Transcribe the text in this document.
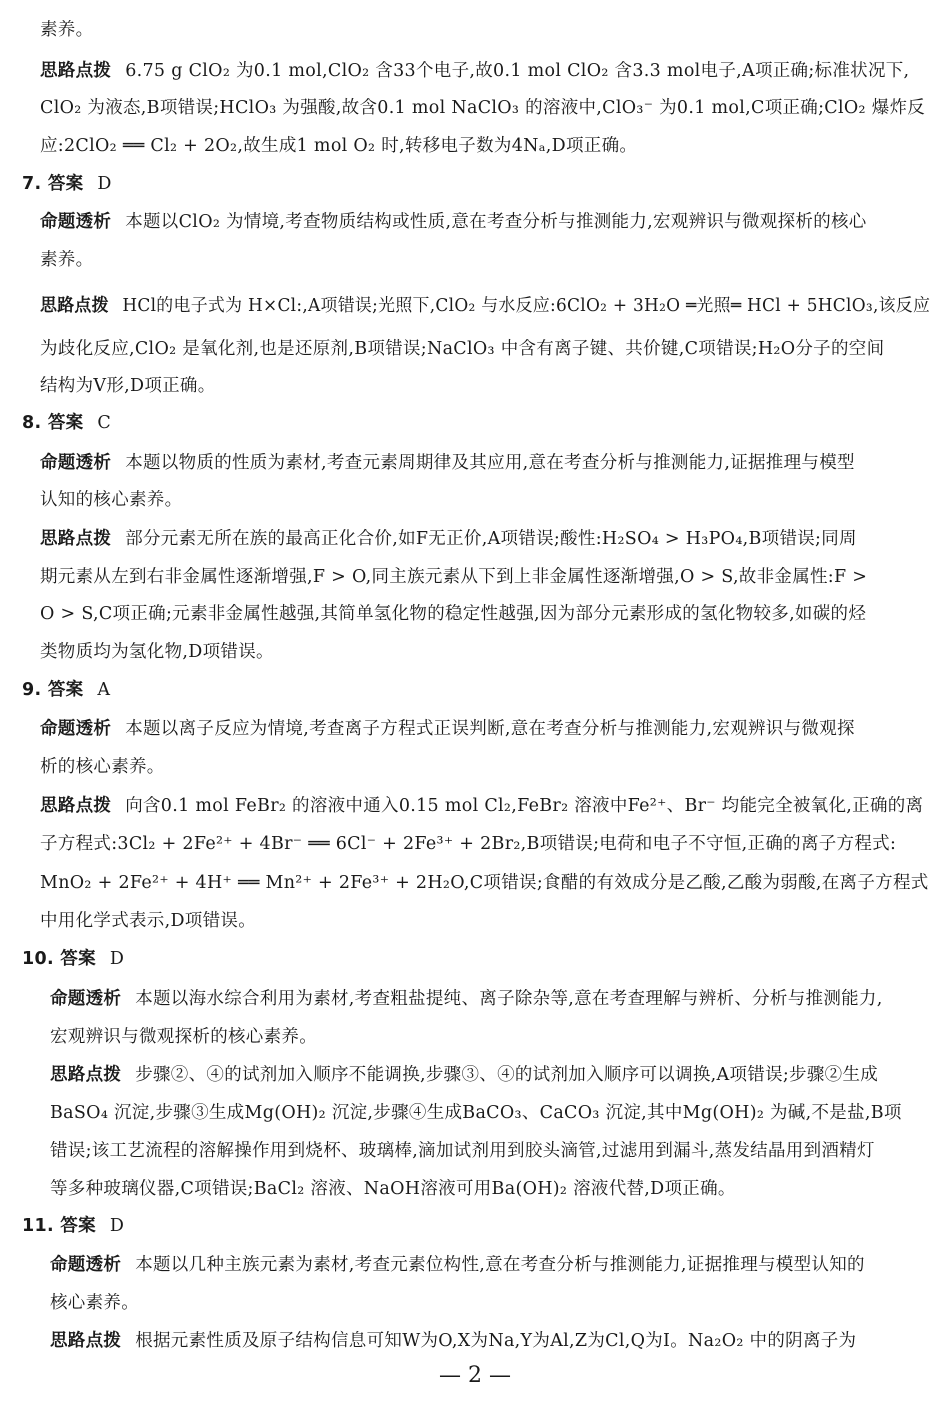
素养。
思路点拨 6.75 g ClO₂ 为0.1 mol,ClO₂ 含33个电子,故0.1 mol ClO₂ 含3.3 mol电子,A项正确;标准状况下,
ClO₂ 为液态,B项错误;HClO₃ 为强酸,故含0.1 mol NaClO₃ 的溶液中,ClO₃⁻ 为0.1 mol,C项正确;ClO₂ 爆炸反
应:2ClO₂ ══ Cl₂ + 2O₂,故生成1 mol O₂ 时,转移电子数为4Nₐ,D项正确。
7. 答案 D
命题透析 本题以ClO₂ 为情境,考查物质结构或性质,意在考查分析与推测能力,宏观辨识与微观探析的核心
素养。
思路点拨 HCl的电子式为 H×Cl:,A项错误;光照下,ClO₂ 与水反应:6ClO₂ + 3H₂O ═光照═ HCl + 5HClO₃,该反应
为歧化反应,ClO₂ 是氧化剂,也是还原剂,B项错误;NaClO₃ 中含有离子键、共价键,C项错误;H₂O分子的空间
结构为V形,D项正确。
8. 答案 C
命题透析 本题以物质的性质为素材,考查元素周期律及其应用,意在考查分析与推测能力,证据推理与模型
认知的核心素养。
思路点拨 部分元素无所在族的最高正化合价,如F无正价,A项错误;酸性:H₂SO₄ > H₃PO₄,B项错误;同周
期元素从左到右非金属性逐渐增强,F > O,同主族元素从下到上非金属性逐渐增强,O > S,故非金属性:F >
O > S,C项正确;元素非金属性越强,其简单氢化物的稳定性越强,因为部分元素形成的氢化物较多,如碳的烃
类物质均为氢化物,D项错误。
9. 答案 A
命题透析 本题以离子反应为情境,考查离子方程式正误判断,意在考查分析与推测能力,宏观辨识与微观探
析的核心素养。
思路点拨 向含0.1 mol FeBr₂ 的溶液中通入0.15 mol Cl₂,FeBr₂ 溶液中Fe²⁺、Br⁻ 均能完全被氧化,正确的离
子方程式:3Cl₂ + 2Fe²⁺ + 4Br⁻ ══ 6Cl⁻ + 2Fe³⁺ + 2Br₂,B项错误;电荷和电子不守恒,正确的离子方程式:
MnO₂ + 2Fe²⁺ + 4H⁺ ══ Mn²⁺ + 2Fe³⁺ + 2H₂O,C项错误;食醋的有效成分是乙酸,乙酸为弱酸,在离子方程式
中用化学式表示,D项错误。
10. 答案 D
命题透析 本题以海水综合利用为素材,考查粗盐提纯、离子除杂等,意在考查理解与辨析、分析与推测能力,
宏观辨识与微观探析的核心素养。
思路点拨 步骤②、④的试剂加入顺序不能调换,步骤③、④的试剂加入顺序可以调换,A项错误;步骤②生成
BaSO₄ 沉淀,步骤③生成Mg(OH)₂ 沉淀,步骤④生成BaCO₃、CaCO₃ 沉淀,其中Mg(OH)₂ 为碱,不是盐,B项
错误;该工艺流程的溶解操作用到烧杯、玻璃棒,滴加试剂用到胶头滴管,过滤用到漏斗,蒸发结晶用到酒精灯
等多种玻璃仪器,C项错误;BaCl₂ 溶液、NaOH溶液可用Ba(OH)₂ 溶液代替,D项正确。
11. 答案 D
命题透析 本题以几种主族元素为素材,考查元素位构性,意在考查分析与推测能力,证据推理与模型认知的
核心素养。
思路点拨 根据元素性质及原子结构信息可知W为O,X为Na,Y为Al,Z为Cl,Q为I。Na₂O₂ 中的阴离子为
— 2 —
